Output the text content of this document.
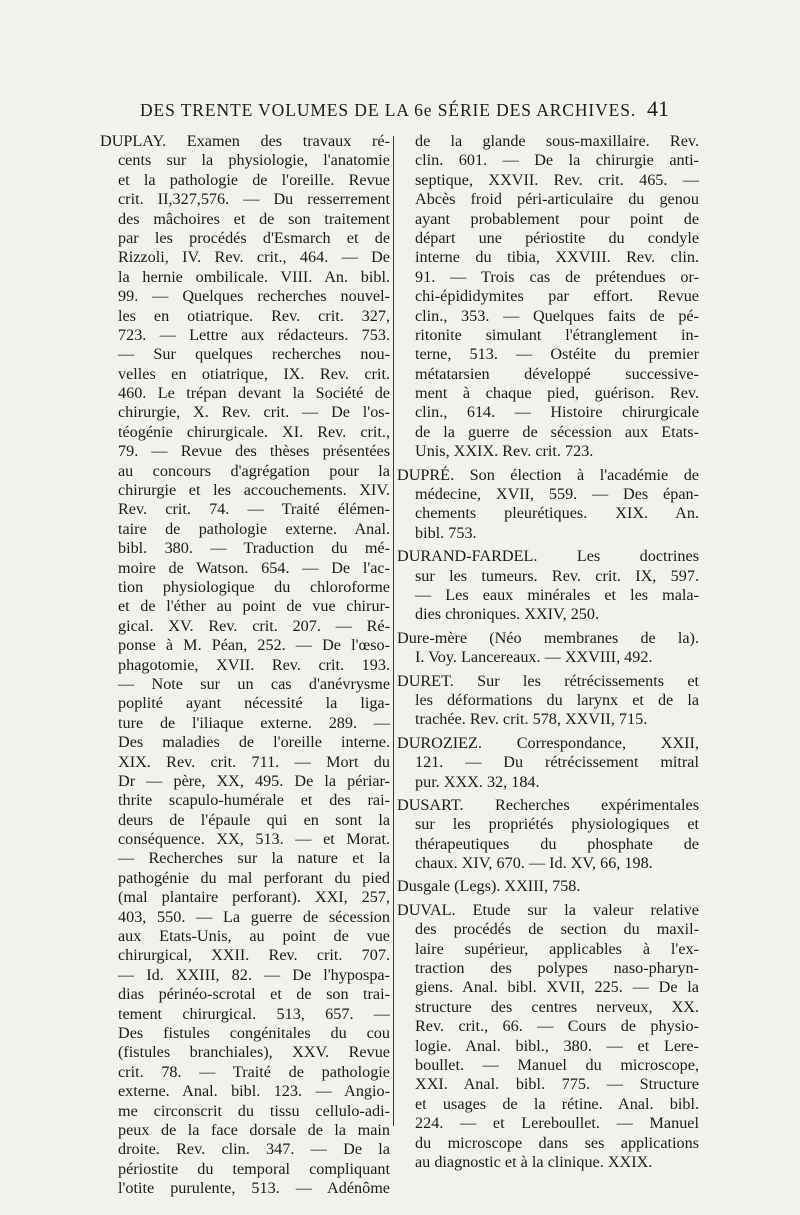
DES TRENTE VOLUMES DE LA 6e SÉRIE DES ARCHIVES. 41
DUPLAY. Examen des travaux ré-
cents sur la physiologie, l'anatomie
et la pathologie de l'oreille. Revue
crit. II,327,576. — Du resserrement
des mâchoires et de son traitement
par les procédés d'Esmarch et de
Rizzoli, IV. Rev. crit., 464. — De
la hernie ombilicale. VIII. An. bibl.
99. — Quelques recherches nouvel-
les en otiatrique. Rev. crit. 327,
723. — Lettre aux rédacteurs. 753.
— Sur quelques recherches nou-
velles en otiatrique, IX. Rev. crit.
460. Le trépan devant la Société de
chirurgie, X. Rev. crit. — De l'os-
téogénie chirurgicale. XI. Rev. crit.,
79. — Revue des thèses présentées
au concours d'agrégation pour la
chirurgie et les accouchements. XIV.
Rev. crit. 74. — Traité élémen-
taire de pathologie externe. Anal.
bibl. 380. — Traduction du mé-
moire de Watson. 654. — De l'ac-
tion physiologique du chloroforme
et de l'éther au point de vue chirur-
gical. XV. Rev. crit. 207. — Ré-
ponse à M. Péan, 252. — De l'œso-
phagotomie, XVII. Rev. crit. 193.
— Note sur un cas d'anévrysme
poplité ayant nécessité la liga-
ture de l'iliaque externe. 289. —
Des maladies de l'oreille interne.
XIX. Rev. crit. 711. — Mort du
Dr — père, XX, 495. De la périar-
thrite scapulo-humérale et des rai-
deurs de l'épaule qui en sont la
conséquence. XX, 513. — et Morat.
— Recherches sur la nature et la
pathogénie du mal perforant du pied
(mal plantaire perforant). XXI, 257,
403, 550. — La guerre de sécession
aux Etats-Unis, au point de vue
chirurgical, XXII. Rev. crit. 707.
— Id. XXIII, 82. — De l'hypospa-
dias périnéo-scrotal et de son trai-
tement chirurgical. 513, 657. —
Des fistules congénitales du cou
(fistules branchiales), XXV. Revue
crit. 78. — Traité de pathologie
externe. Anal. bibl. 123. — Angio-
me circonscrit du tissu cellulo-adi-
peux de la face dorsale de la main
droite. Rev. clin. 347. — De la
périostite du temporal compliquant
l'otite purulente, 513. — Adénôme
de la glande sous-maxillaire. Rev.
clin. 601. — De la chirurgie anti-
septique, XXVII. Rev. crit. 465. —
Abcès froid péri-articulaire du genou
ayant probablement pour point de
départ une périostite du condyle
interne du tibia, XXVIII. Rev. clin.
91. — Trois cas de prétendues or-
chi-épididymites par effort. Revue
clin., 353. — Quelques faits de pé-
ritonite simulant l'étranglement in-
terne, 513. — Ostéite du premier
métatarsien développé successive-
ment à chaque pied, guérison. Rev.
clin., 614. — Histoire chirurgicale
de la guerre de sécession aux Etats-
Unis, XXIX. Rev. crit. 723.
DUPRÉ. Son élection à l'académie de
médecine, XVII, 559. — Des épan-
chements pleurétiques. XIX. An.
bibl. 753.
DURAND-FARDEL. Les doctrines
sur les tumeurs. Rev. crit. IX, 597.
— Les eaux minérales et les mala-
dies chroniques. XXIV, 250.
Dure-mère (Néo membranes de la).
I. Voy. Lancereaux. — XXVIII, 492.
DURET. Sur les rétrécissements et
les déformations du larynx et de la
trachée. Rev. crit. 578, XXVII, 715.
DUROZIEZ. Correspondance, XXII,
121. — Du rétrécissement mitral
pur. XXX. 32, 184.
DUSART. Recherches expérimentales
sur les propriétés physiologiques et
thérapeutiques du phosphate de
chaux. XIV, 670. — Id. XV, 66, 198.
Dusgale (Legs). XXIII, 758.
DUVAL. Etude sur la valeur relative
des procédés de section du maxil-
laire supérieur, applicables à l'ex-
traction des polypes naso-pharyn-
giens. Anal. bibl. XVII, 225. — De la
structure des centres nerveux, XX.
Rev. crit., 66. — Cours de physio-
logie. Anal. bibl., 380. — et Lere-
boullet. — Manuel du microscope,
XXI. Anal. bibl. 775. — Structure
et usages de la rétine. Anal. bibl.
224. — et Lereboullet. — Manuel
du microscope dans ses applications
au diagnostic et à la clinique. XXIX.
